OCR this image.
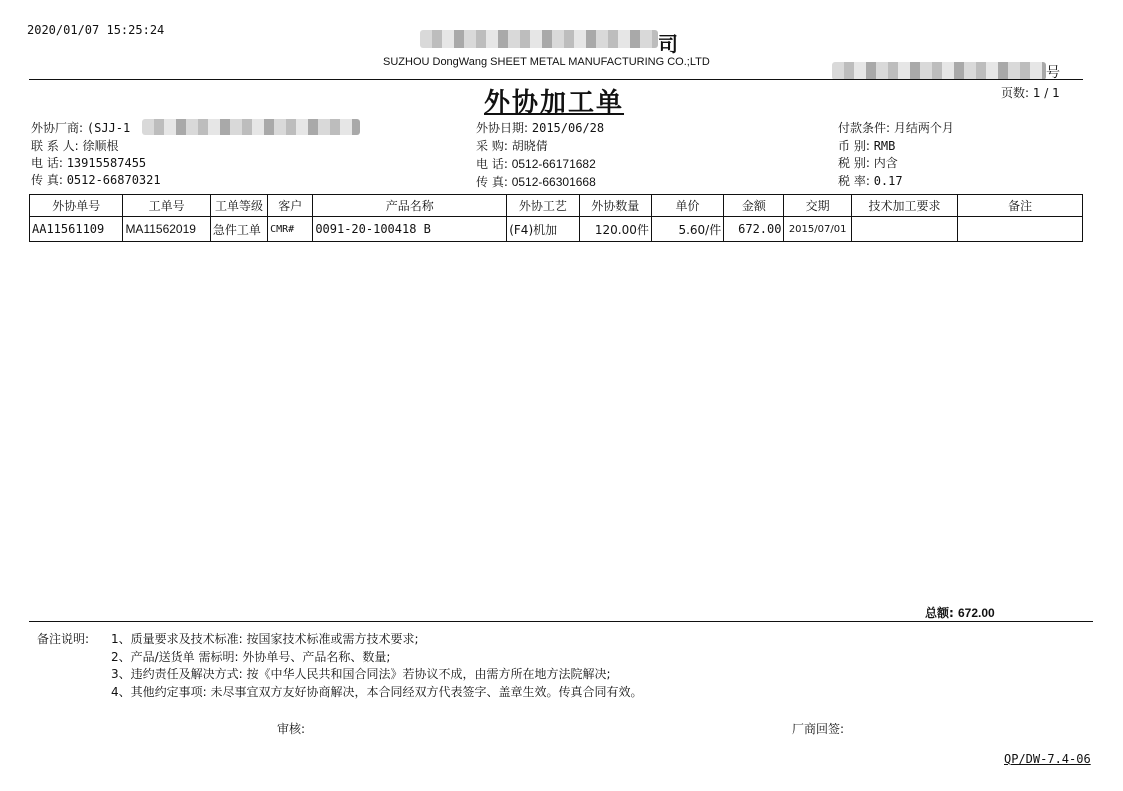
2020/01/07 15:25:24
司
SUZHOU DongWang SHEET METAL MANUFACTURING CO.;LTD
号
页数: 1 / 1
外协加工单
外协厂商: (SJJ-1
联 系 人: 徐顺根
电 话: 13915587455
传 真: 0512-66870321
外协日期: 2015/06/28
采 购: 胡晓倩
电 话: 0512-66171682
传 真: 0512-66301668
付款条件: 月结两个月
币 别: RMB
税 别: 内含
税 率: 0.17
外协单号	工单号	工单等级	客户	产品名称	外协工艺	外协数量	单价	金额	交期	技术加工要求	备注
AA11561109	MA11562019	急件工单	CMR#	0091-20-100418 B	(F4)机加	120.00件	5.60/件	672.00	2015/07/01		
总额: 672.00
备注说明: 1、质量要求及技术标准: 按国家技术标准或需方技术要求;
2、产品/送货单 需标明: 外协单号、产品名称、数量;
3、违约责任及解决方式: 按《中华人民共和国合同法》若协议不成，由需方所在地方法院解决;
4、其他约定事项: 未尽事宜双方友好协商解决，本合同经双方代表签字、盖章生效。传真合同有效。
审核:	厂商回签:
QP/DW-7.4-06
